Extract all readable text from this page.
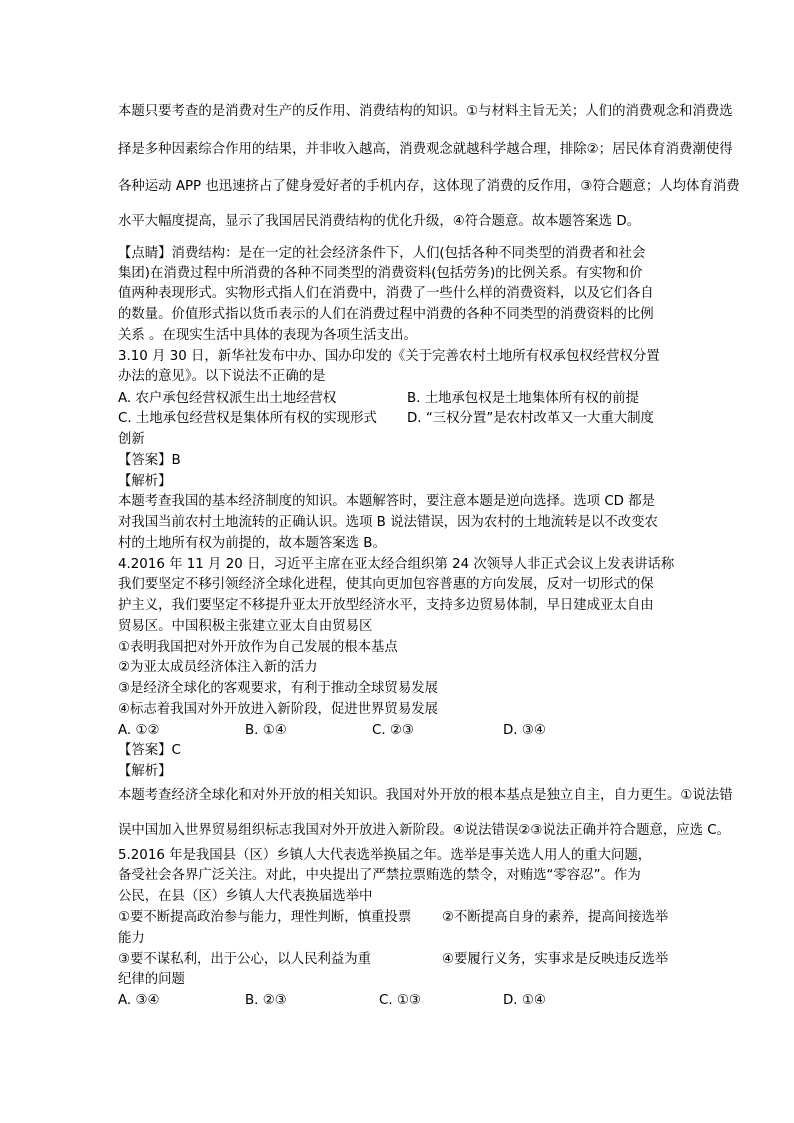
本题只要考查的是消费对生产的反作用、消费结构的知识。①与材料主旨无关；人们的消费观念和消费选
择是多种因素综合作用的结果，并非收入越高，消费观念就越科学越合理，排除②；居民体育消费潮使得
各种运动 APP 也迅速挤占了健身爱好者的手机内存，这体现了消费的反作用，③符合题意；人均体育消费
水平大幅度提高，显示了我国居民消费结构的优化升级，④符合题意。故本题答案选 D。
【点睛】消费结构：是在一定的社会经济条件下，人们(包括各种不同类型的消费者和社会
集团)在消费过程中所消费的各种不同类型的消费资料(包括劳务)的比例关系。有实物和价
值两种表现形式。实物形式指人们在消费中，消费了一些什么样的消费资料，以及它们各自
的数量。价值形式指以货币表示的人们在消费过程中消费的各种不同类型的消费资料的比例
关系 。在现实生活中具体的表现为各项生活支出。
3.10 月 30 日，新华社发布中办、国办印发的《关于完善农村土地所有权承包权经营权分置
办法的意见》。以下说法不正确的是
A. 农户承包经营权派生出土地经营权	B. 土地承包权是土地集体所有权的前提
C. 土地承包经营权是集体所有权的实现形式 D. “三权分置”是农村改革又一大重大制度
创新
【答案】B
【解析】
本题考查我国的基本经济制度的知识。本题解答时，要注意本题是逆向选择。选项 CD 都是
对我国当前农村土地流转的正确认识。选项 B 说法错误，因为农村的土地流转是以不改变农
村的土地所有权为前提的，故本题答案选 B。
4.2016 年 11 月 20 日，习近平主席在亚太经合组织第 24 次领导人非正式会议上发表讲话称
我们要坚定不移引领经济全球化进程，使其向更加包容普惠的方向发展，反对一切形式的保
护主义，我们要坚定不移提升亚太开放型经济水平，支持多边贸易体制，早日建成亚太自由
贸易区。中国积极主张建立亚太自由贸易区
①表明我国把对外开放作为自己发展的根本基点
②为亚太成员经济体注入新的活力
③是经济全球化的客观要求，有利于推动全球贸易发展
④标志着我国对外开放进入新阶段，促进世界贸易发展
A. ①②	B. ①④	C. ②③	D. ③④
【答案】C
【解析】
本题考查经济全球化和对外开放的相关知识。我国对外开放的根本基点是独立自主，自力更生。①说法错
误中国加入世界贸易组织标志我国对外开放进入新阶段。④说法错误②③说法正确并符合题意，应选 C。
5.2016 年是我国县（区）乡镇人大代表选举换届之年。选举是事关选人用人的重大问题，
备受社会各界广泛关注。对此，中央提出了严禁拉票贿选的禁令，对贿选“零容忍”。作为
公民，在县（区）乡镇人大代表换届选举中
①要不断提高政治参与能力，理性判断，慎重投票 ②不断提高自身的素养，提高间接选举
能力
③要不谋私利，出于公心，以人民利益为重	④要履行义务，实事求是反映违反选举
纪律的问题
A. ③④	B. ②③	C. ①③	D. ①④
